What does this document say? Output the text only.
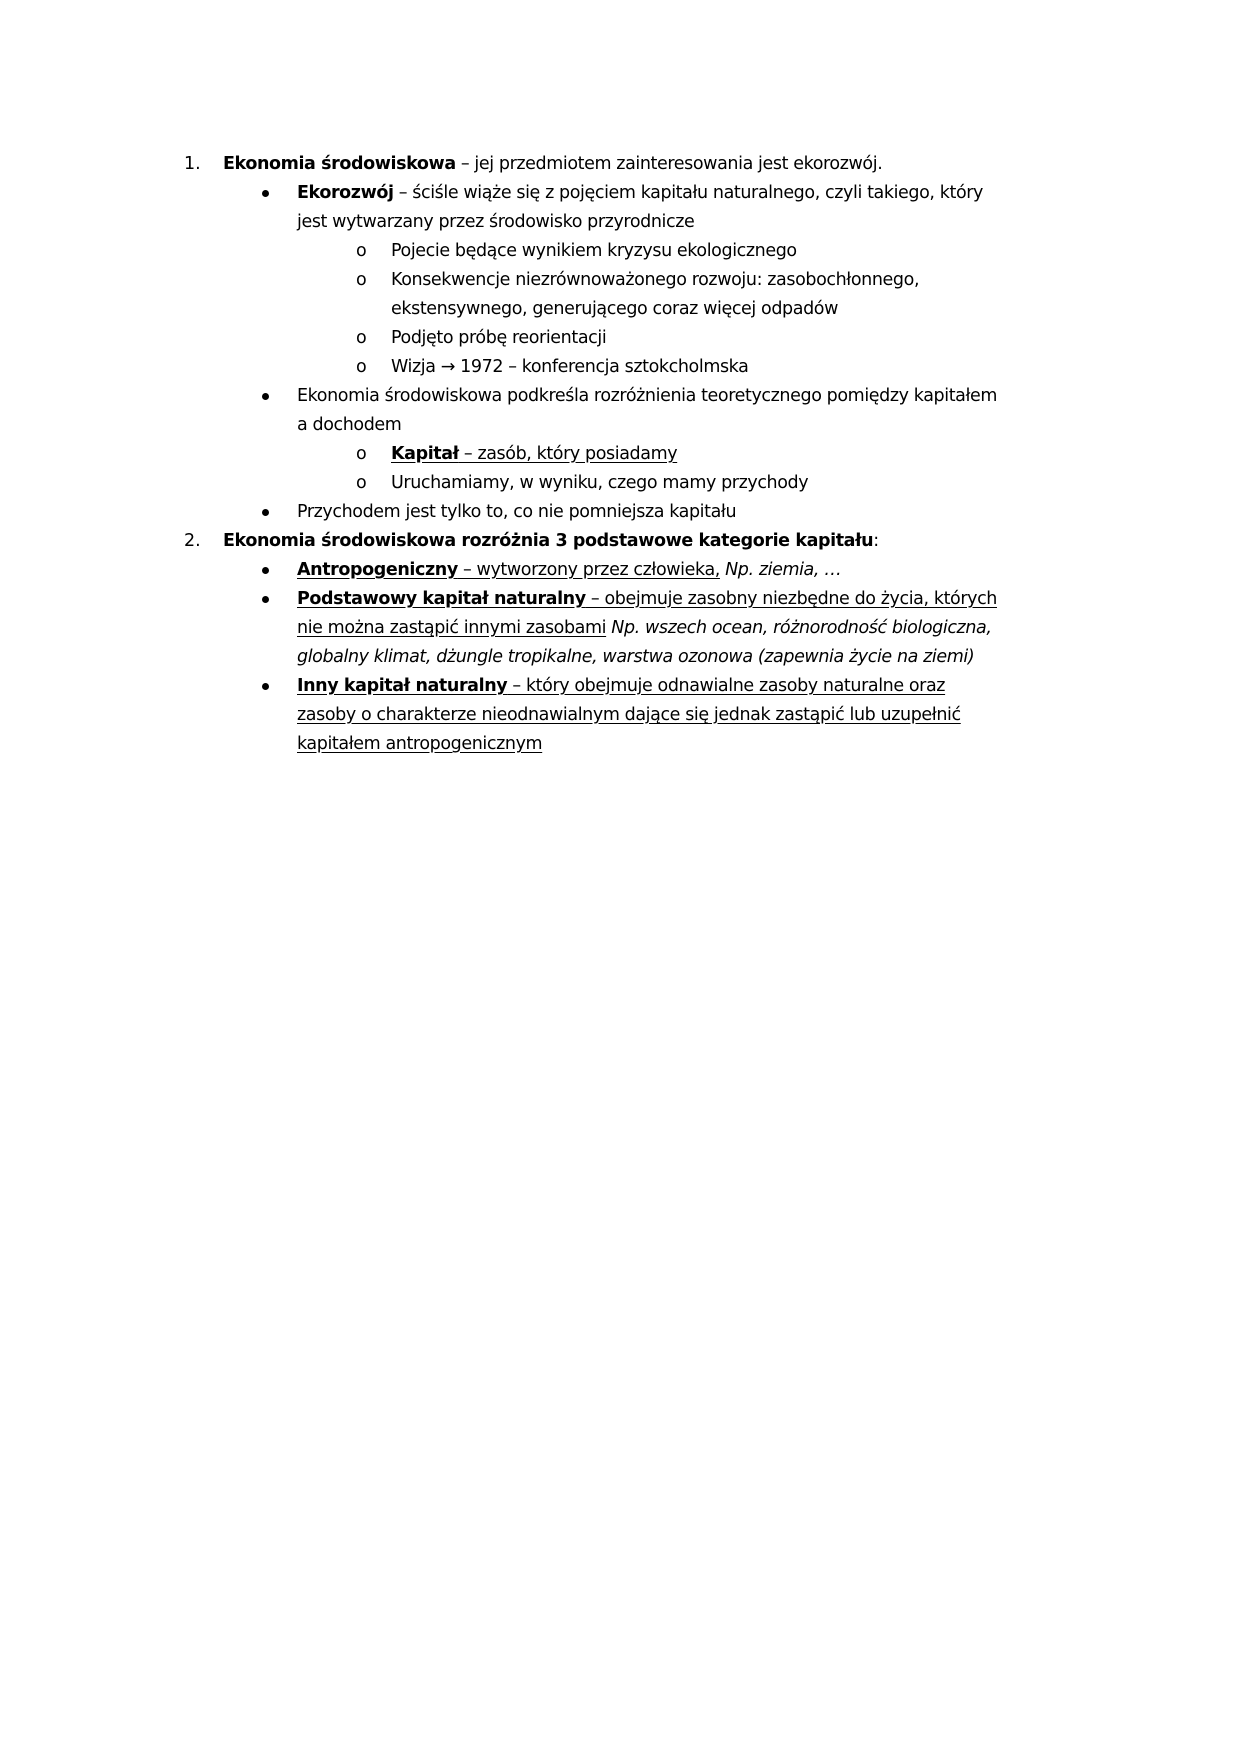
1. Ekonomia środowiskowa – jej przedmiotem zainteresowania jest ekorozwój.
Ekorozwój – ściśle wiąże się z pojęciem kapitału naturalnego, czyli takiego, który
jest wytwarzany przez środowisko przyrodnicze
o Pojecie będące wynikiem kryzysu ekologicznego
o Konsekwencje niezrównoważonego rozwoju: zasobochłonnego,
ekstensywnego, generującego coraz więcej odpadów
o Podjęto próbę reorientacji
o Wizja → 1972 – konferencja sztokcholmska
Ekonomia środowiskowa podkreśla rozróżnienia teoretycznego pomiędzy kapitałem
a dochodem
o Kapitał – zasób, który posiadamy
o Uruchamiamy, w wyniku, czego mamy przychody
Przychodem jest tylko to, co nie pomniejsza kapitału
2. Ekonomia środowiskowa rozróżnia 3 podstawowe kategorie kapitału:
Antropogeniczny – wytworzony przez człowieka, Np. ziemia, …
Podstawowy kapitał naturalny – obejmuje zasobny niezbędne do życia, których
nie można zastąpić innymi zasobami Np. wszech ocean, różnorodność biologiczna,
globalny klimat, dżungle tropikalne, warstwa ozonowa (zapewnia życie na ziemi)
Inny kapitał naturalny – który obejmuje odnawialne zasoby naturalne oraz
zasoby o charakterze nieodnawialnym dające się jednak zastąpić lub uzupełnić
kapitałem antropogenicznym
